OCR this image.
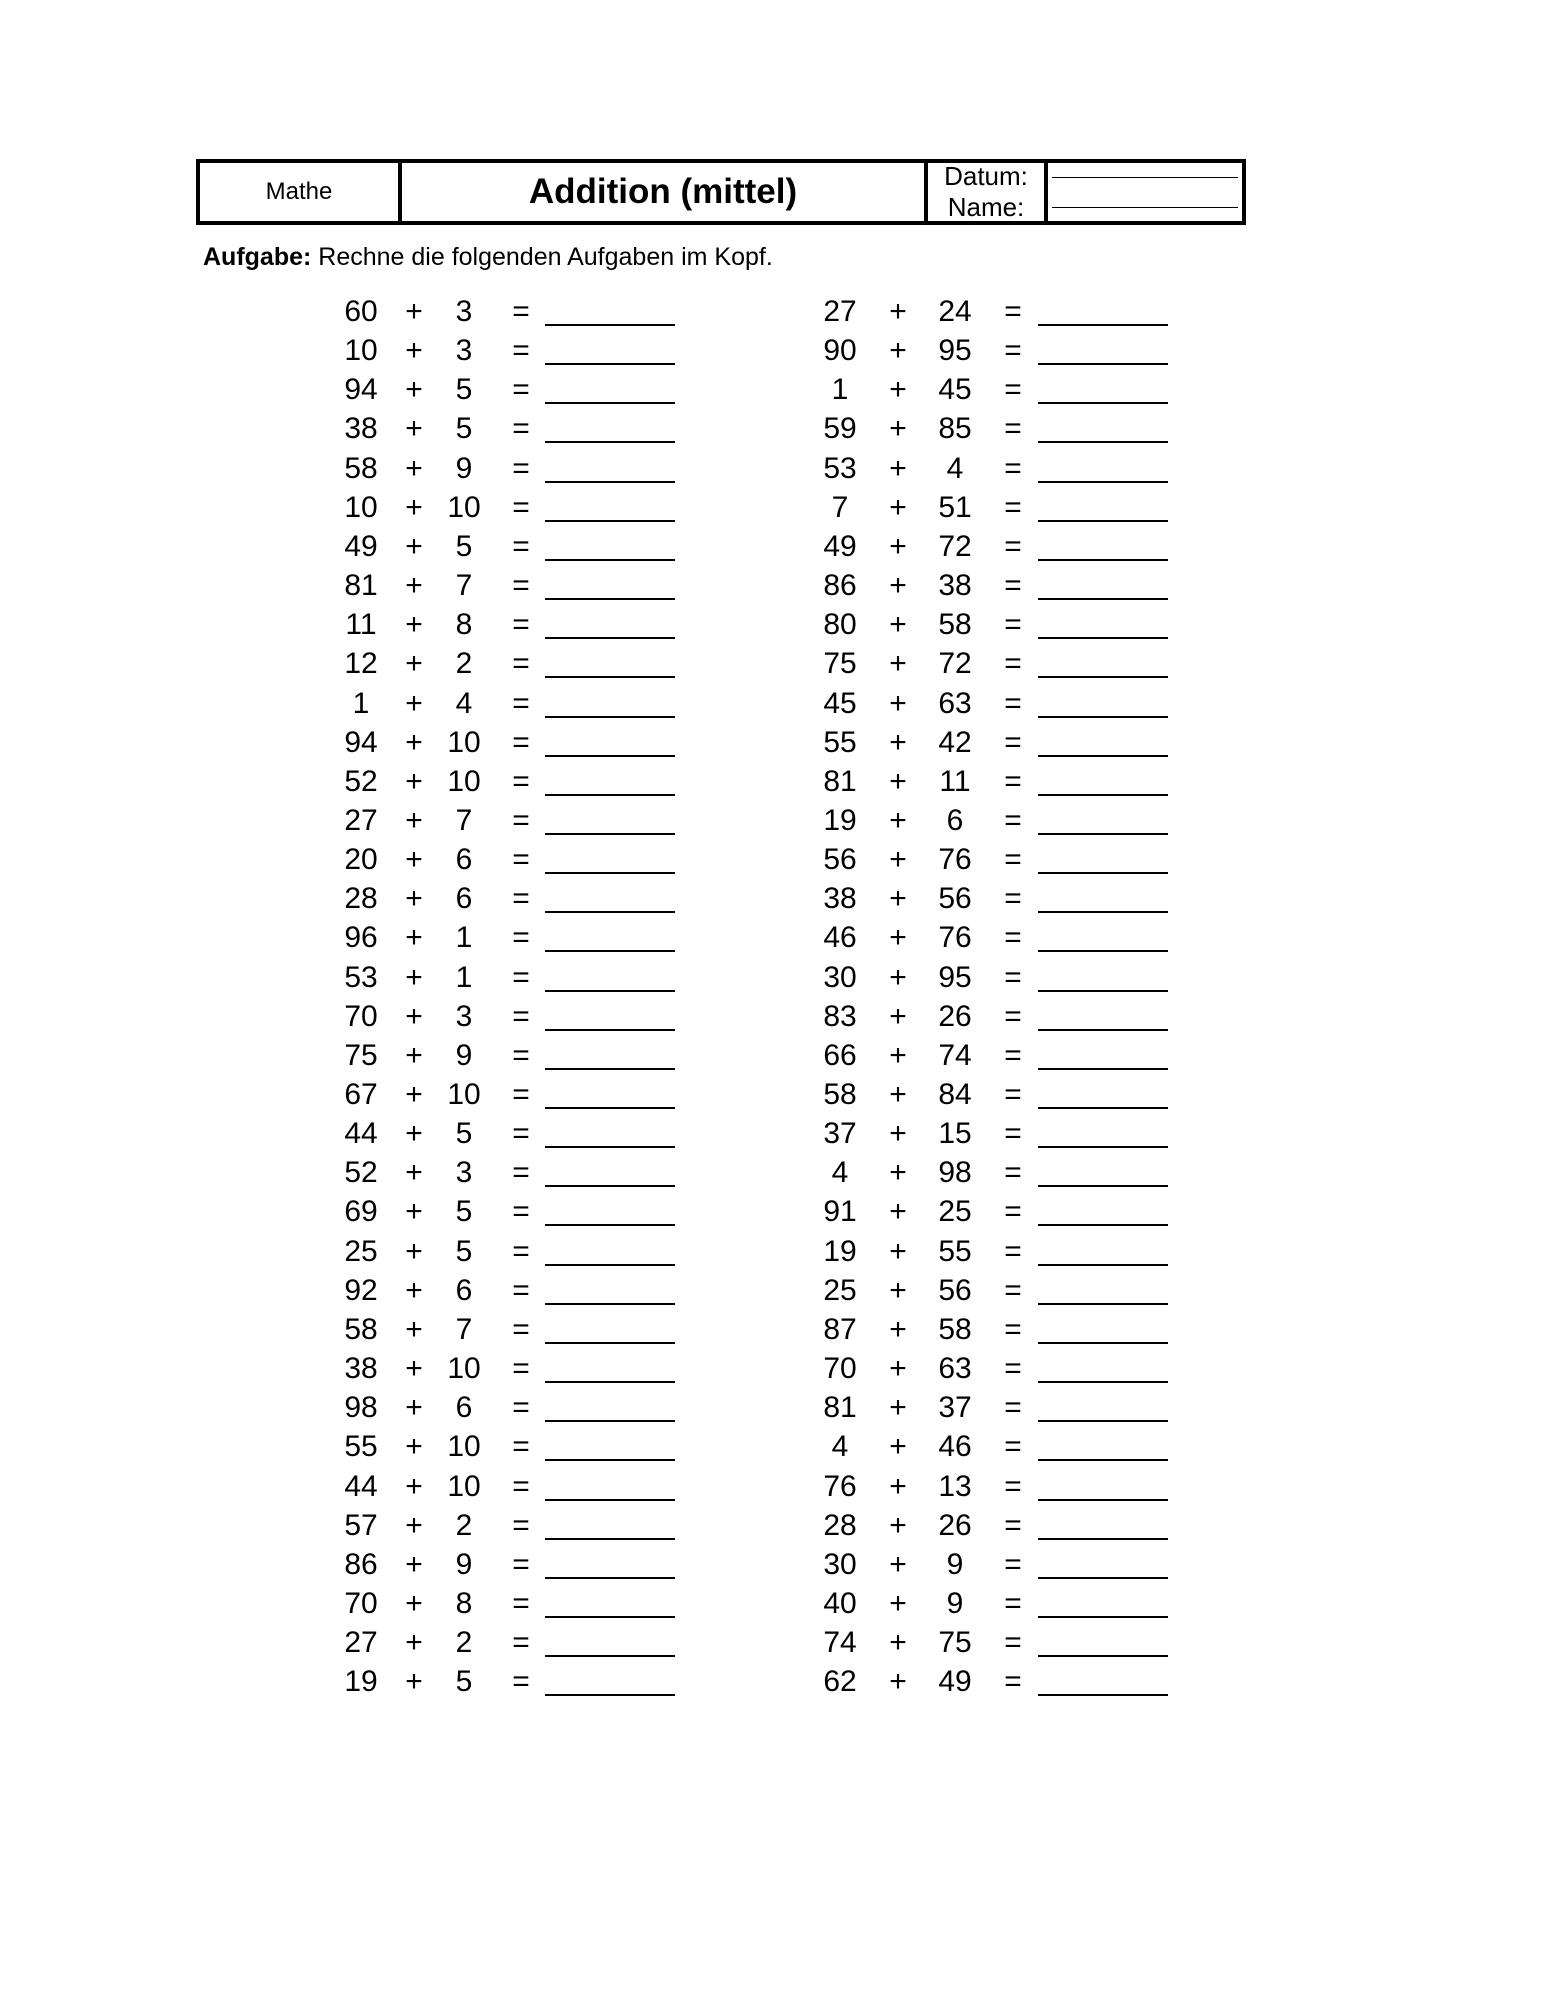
Mathe	Addition (mittel)	Datum:
Name:
Aufgabe: Rechne die folgenden Aufgaben im Kopf.
60 +	3	=
10 +	3	=
94 +	5	=
38 +	5	=
58 +	9	=
10 + 10 =
49 +	5	=
81 +	7	=
11 +	8	=
12 +	2	=
1	+	4	=
94 + 10 =
52 + 10 =
27 +	7	=
20 +	6	=
28 +	6	=
96 +	1	=
53 +	1	=
70 +	3	=
75 +	9	=
67 + 10 =
44 +	5	=
52 +	3	=
69 +	5	=
25 +	5	=
92 +	6	=
58 +	7	=
38 + 10 =
98 +	6	=
55 + 10 =
44 + 10 =
57 +	2	=
86 +	9	=
70 +	8	=
27 +	2	=
19 +	5	=
27 + 24 =
90 + 95 =
1	+ 45 =
59 + 85 =
53 +	4	=
7	+ 51 =
49 + 72 =
86 + 38 =
80 + 58 =
75 + 72 =
45 + 63 =
55 + 42 =
81 +	11	=
19 +	6	=
56 + 76 =
38 + 56 =
46 + 76 =
30 + 95 =
83 + 26 =
66 + 74 =
58 + 84 =
37 + 15 =
4	+ 98 =
91 + 25 =
19 + 55 =
25 + 56 =
87 + 58 =
70 + 63 =
81 + 37 =
4	+ 46 =
76 + 13 =
28 + 26 =
30 +	9	=
40 +	9	=
74 + 75 =
62 + 49 =
